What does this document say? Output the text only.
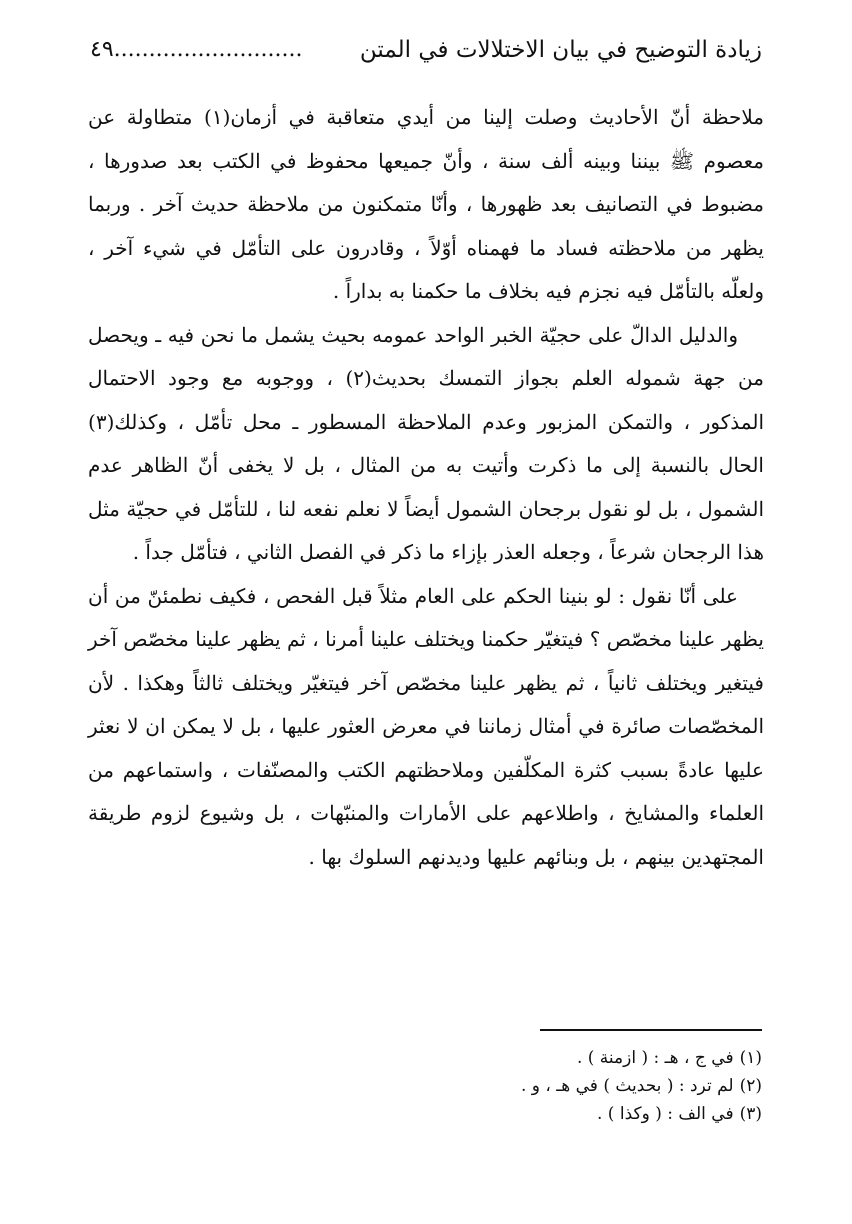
زيادة التوضيح في بيان الاختلالات في المتن
...........................٤٩

ملاحظة أنّ الأحاديث وصلت إلينا من أيدي متعاقبة في أزمان(١) متطاولة عن معصوم ﷺ بيننا وبينه ألف سنة ، وأنّ جميعها محفوظ في الكتب بعد صدورها ، مضبوط في التصانيف بعد ظهورها ، وأنّا متمكنون من ملاحظة حديث آخر . وربما يظهر من ملاحظته فساد ما فهمناه أوّلاً ، وقادرون على التأمّل في شيء آخر ، ولعلّه بالتأمّل فيه نجزم فيه بخلاف ما حكمنا به بداراً .

والدليل الدالّ على حجيّة الخبر الواحد عمومه بحيث يشمل ما نحن فيه ـ ويحصل من جهة شموله العلم بجواز التمسك بحديث(٢) ، ووجوبه مع وجود الاحتمال المذكور ، والتمكن المزبور وعدم الملاحظة المسطور ـ محل تأمّل ، وكذلك(٣) الحال بالنسبة إلى ما ذكرت وأتيت به من المثال ، بل لا يخفى أنّ الظاهر عدم الشمول ، بل لو نقول برجحان الشمول أيضاً لا نعلم نفعه لنا ، للتأمّل في حجيّة مثل هذا الرجحان شرعاً ، وجعله العذر بإزاء ما ذكر في الفصل الثاني ، فتأمّل جداً .

على أنّا نقول : لو بنينا الحكم على العام مثلاً قبل الفحص ، فكيف نطمئنّ من أن يظهر علينا مخصّص ؟ فيتغيّر حكمنا ويختلف علينا أمرنا ، ثم يظهر علينا مخصّص آخر فيتغير ويختلف ثانياً ، ثم يظهر علينا مخصّص آخر فيتغيّر ويختلف ثالثاً وهكذا . لأن المخصّصات صائرة في أمثال زماننا في معرض العثور عليها ، بل لا يمكن ان لا نعثر عليها عادةً بسبب كثرة المكلّفين وملاحظتهم الكتب والمصنّفات ، واستماعهم من العلماء والمشايخ ، واطلاعهم على الأمارات والمنبّهات ، بل وشيوع لزوم طريقة المجتهدين بينهم ، بل وبنائهم عليها وديدنهم السلوك بها .

(١)
في ج ، هـ : ( ازمنة ) .
(٢)
لم ترد : ( بحديث ) في هـ ، و .
(٣)
في الف : ( وكذا ) .
